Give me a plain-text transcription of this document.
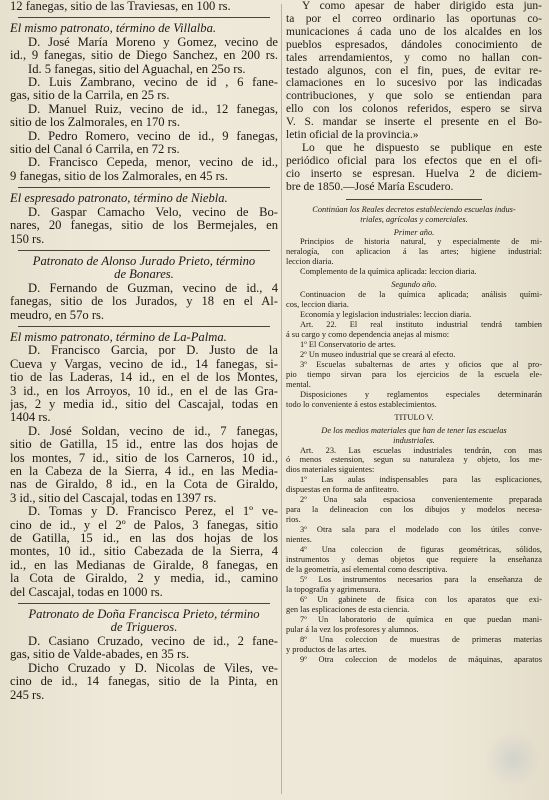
12 fanegas, sitio de las Traviesas, en 100 rs.
El mismo patronato, término de Villalba.
D. José María Moreno y Gomez, vecino de
id., 9 fanegas, sitio de Diego Sanchez, en 200 rs.
Id. 5 fanegas, sitio del Aguachal, en 25o rs.
D. Luis Zambrano, vecino de id , 6 fane-
gas, sitio de la Carrila, en 25 rs.
D. Manuel Ruiz, vecino de id., 12 fanegas,
sitio de los Zalmorales, en 170 rs.
D. Pedro Romero, vecino de id., 9 fanegas,
sitio del Canal ó Carrila, en 72 rs.
D. Francisco Cepeda, menor, vecino de id.,
9 fanegas, sitio de los Zalmorales, en 45 rs.
El espresado patronato, término de Niebla.
D. Gaspar Camacho Velo, vecino de Bo-
nares, 20 fanegas, sitio de los Bermejales, en
150 rs.
Patronato de Alonso Jurado Prieto, término
de Bonares.
D. Fernando de Guzman, vecino de id., 4
fanegas, sitio de los Jurados, y 18 en el Al-
meudro, en 57o rs.
El mismo patronato, término de La-Palma.
D. Francisco Garcia, por D. Justo de la
Cueva y Vargas, vecino de id., 14 fanegas, si-
tio de las Laderas, 14 id., en el de los Montes,
3 id., en los Arroyos, 10 id., en el de las Gra-
jas, 2 y media id., sitio del Cascajal, todas en
1404 rs.
D. José Soldan, vecino de id., 7 fanegas,
sitio de Gatilla, 15 id., entre las dos hojas de
los montes, 7 id., sitio de los Carneros, 10 id.,
en la Cabeza de la Sierra, 4 id., en las Media-
nas de Giraldo, 8 id., en la Cota de Giraldo,
3 id., sitio del Cascajal, todas en 1397 rs.
D. Tomas y D. Francisco Perez, el 1º ve-
cino de id., y el 2º de Palos, 3 fanegas, sitio
de Gatilla, 15 id., en las dos hojas de los
montes, 10 id., sitio Cabezada de la Sierra, 4
id., en las Medianas de Giralde, 8 fanegas, en
la Cota de Giraldo, 2 y media, id., camino
del Cascajal, todas en 1000 rs.
Patronato de Doña Francisca Prieto, término
de Trigueros.
D. Casiano Cruzado, vecino de id., 2 fane-
gas, sitio de Valde-abades, en 35 rs.
Dicho Cruzado y D. Nicolas de Viles, ve-
cino de id., 14 fanegas, sitio de la Pinta, en
245 rs.
Y como apesar de haber dirigido esta jun-
ta por el correo ordinario las oportunas co-
municaciones á cada uno de los alcaldes en los
pueblos espresados, dándoles conocimiento de
tales arrendamientos, y como no hallan con-
testado algunos, con el fin, pues, de evitar re-
clamaciones en lo sucesivo por las indicadas
contribuciones, y que solo se entiendan para
ello con los colonos referidos, espero se sirva
V. S. mandar se inserte el presente en el Bo-
letin oficial de la provincia.»
Lo que he dispuesto se publique en este
periódico oficial para los efectos que en el ofi-
cio inserto se espresan. Huelva 2 de diciem-
bre de 1850.—José María Escudero.
Continúan los Reales decretos estableciendo escuelas indus-
triales, agrícolas y comerciales.
Primer año.
Principios de historia natural, y especialmente de mi-
neralogía, con aplicacion á las artes; higiene industrial:
leccion diaria.
Complemento de la química aplicada: leccion diaria.
Segundo año.
Continuacion de la química aplicada; análisis quími-
cos, leccion diaria.
Economía y legislacion industriales: leccion diaria.
Art. 22. El real instituto industrial tendrá tambien
á su cargo y como dependencia anejas al mismo:
1º El Conservatorio de artes.
2º Un museo industrial que se creará al efecto.
3º Escuelas subalternas de artes y oficios que al pro-
pio tiempo sirvan para los ejercicios de la escuela ele-
mental.
Disposiciones y reglamentos especiales determinarán
todo lo conveniente á estos establecimientos.
TITULO V.
De los medios materiales que han de tener las escuelas
industriales.
Art. 23. Las escuelas industriales tendrán, con mas
ó menos estension, segun su naturaleza y objeto, los me-
dios materiales siguientes:
1º Las aulas indispensables para las esplicaciones,
dispuestas en forma de anfiteatro.
2º Una sala espaciosa convenientemente preparada
para la delineacion con los dibujos y modelos necesa-
rios.
3º Otra sala para el modelado con los útiles conve-
nientes.
4º Una coleccion de figuras geométricas, sólidos,
instrumentos y demas objetos que requiere la enseñanza
de la geometría, así elemental como descriptiva.
5º Los instrumentos necesarios para la enseñanza de
la topografía y agrimensura.
6º Un gabinete de física con los aparatos que exi-
gen las esplicaciones de esta ciencia.
7º Un laboratorio de química en que puedan mani-
pular á la vez los profesores y alumnos.
8º Una coleccion de muestras de primeras materias
y productos de las artes.
9º Otra coleccion de modelos de máquinas, aparatos
